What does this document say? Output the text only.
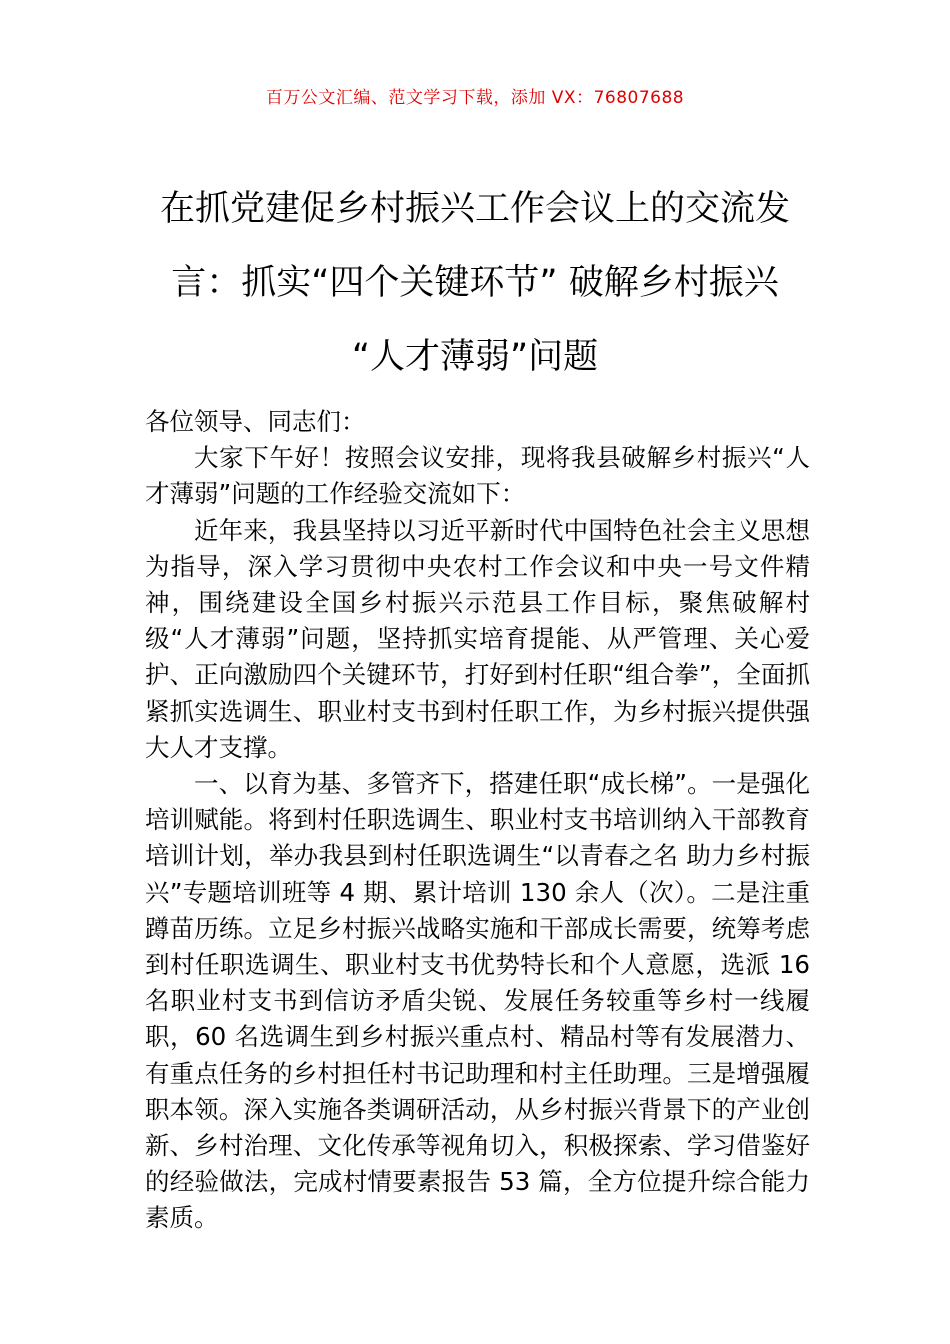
百万公文汇编、范文学习下载，添加 VX：76807688
在抓党建促乡村振兴工作会议上的交流发
言：抓实“四个关键环节” 破解乡村振兴
“人才薄弱”问题

各位领导、同志们：

大家下午好！按照会议安排，现将我县破解乡村振兴“人才薄弱”问题的工作经验交流如下：

近年来，我县坚持以习近平新时代中国特色社会主义思想为指导，深入学习贯彻中央农村工作会议和中央一号文件精神，围绕建设全国乡村振兴示范县工作目标，聚焦破解村级“人才薄弱”问题，坚持抓实培育提能、从严管理、关心爱护、正向激励四个关键环节，打好到村任职“组合拳”，全面抓紧抓实选调生、职业村支书到村任职工作，为乡村振兴提供强大人才支撑。

一、以育为基、多管齐下，搭建任职“成长梯”。一是强化培训赋能。将到村任职选调生、职业村支书培训纳入干部教育培训计划，举办我县到村任职选调生“以青春之名 助力乡村振兴”专题培训班等 4 期、累计培训 130 余人（次）。二是注重蹲苗历练。立足乡村振兴战略实施和干部成长需要，统筹考虑到村任职选调生、职业村支书优势特长和个人意愿，选派 16 名职业村支书到信访矛盾尖锐、发展任务较重等乡村一线履职，60 名选调生到乡村振兴重点村、精品村等有发展潜力、有重点任务的乡村担任村书记助理和村主任助理。三是增强履职本领。深入实施各类调研活动，从乡村振兴背景下的产业创新、乡村治理、文化传承等视角切入，积极探索、学习借鉴好的经验做法，完成村情要素报告 53 篇，全方位提升综合能力素质。
